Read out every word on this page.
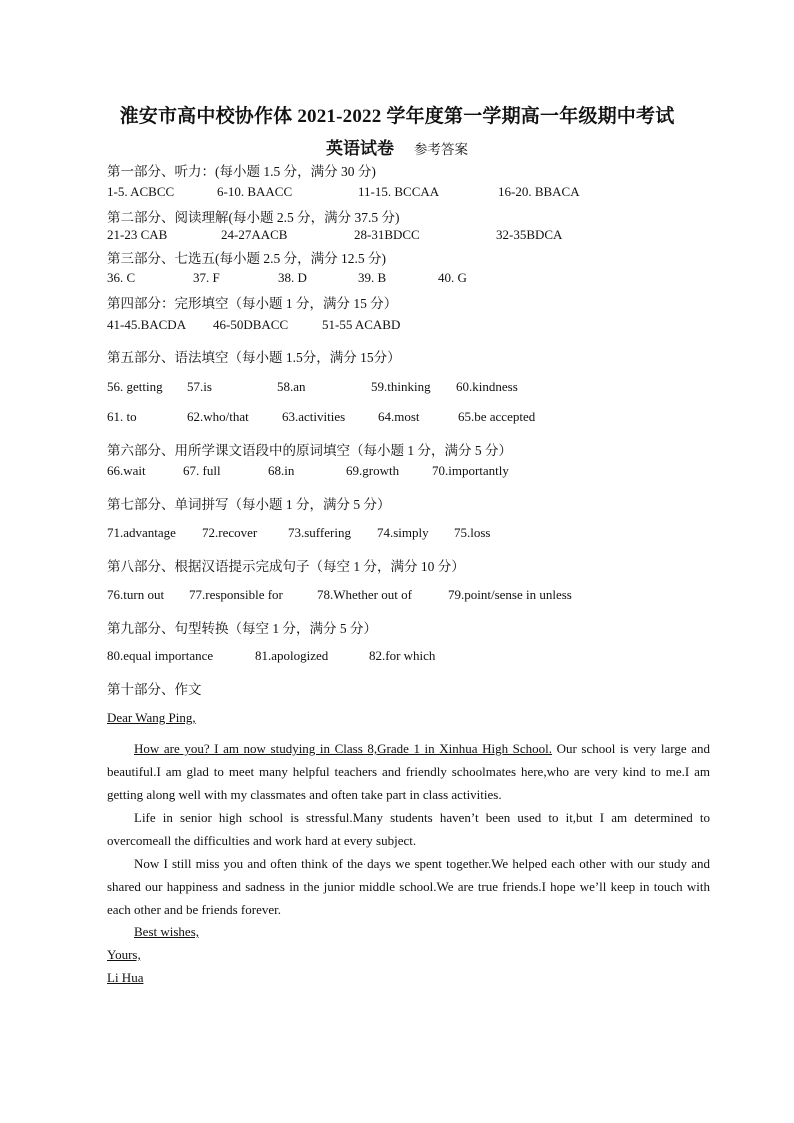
淮安市高中校协作体 2021-2022 学年度第一学期高一年级期中考试
英语试卷 参考答案
第一部分、听力：(每小题 1.5 分，满分 30 分)
1-5. ACBCC	6-10. BAACC	11-15. BCCAA	16-20. BBACA
第二部分、阅读理解(每小题 2.5 分，满分 37.5 分)
21-23 CAB	24-27AACB	28-31BDCC	32-35BDCA
第三部分、七选五(每小题 2.5 分，满分 12.5 分)
36. C	37. F	38. D	39. B	40. G
第四部分：完形填空（每小题 1 分，满分 15 分）
41-45.BACDA 46-50DBACC	51-55 ACABD
第五部分、语法填空（每小题 1.5分，满分 15分）
56. getting 57.is	58.an	59.thinking 60.kindness
61. to	62.who/that	63.activities	64.most	65.be accepted
第六部分、用所学课文语段中的原词填空（每小题 1 分，满分 5 分）
66.wait	67. full	68.in	69.growth	70.importantly
第七部分、单词拼写（每小题 1 分，满分 5 分）
71.advantage 72.recover 73.suffering 74.simply 75.loss
第八部分、根据汉语提示完成句子（每空 1 分，满分 10 分）
76.turn out 77.responsible for	78.Whether out of	79.point/sense in unless
第九部分、句型转换（每空 1 分，满分 5 分）
80.equal importance	81.apologized	82.for which
第十部分、作文
Dear Wang Ping,

How are you? I am now studying in Class 8,Grade 1 in Xinhua High School. Our school is very large and beautiful.I am glad to meet many helpful teachers and friendly schoolmates here,who are very kind to me.I am getting along well with my classmates and often take part in class activities.

Life in senior high school is stressful.Many students haven’t been used to it,but I am determined to overcomeall the difficulties and work hard at every subject.

Now I still miss you and often think of the days we spent together.We helped each other with our study and shared our happiness and sadness in the junior middle school.We are true friends.I hope we’ll keep in touch with each other and be friends forever.

Best wishes,
Yours,
Li Hua
